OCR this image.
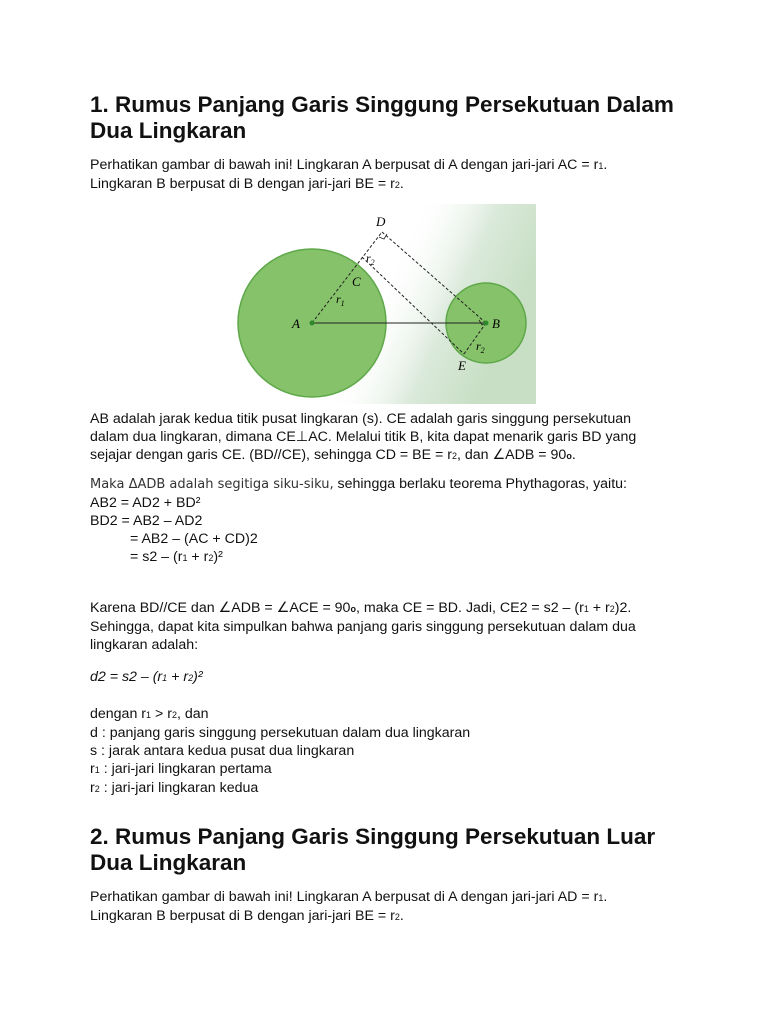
1. Rumus Panjang Garis Singgung Persekutuan Dalam
Dua Lingkaran

Perhatikan gambar di bawah ini! Lingkaran A berpusat di A dengan jari-jari AC = r1.

Lingkaran B berpusat di B dengan jari-jari BE = r2.

A	B
C
D
E
$r_1$
$r_2$
$r_2$

AB adalah jarak kedua titik pusat lingkaran (s). CE adalah garis singgung persekutuan

dalam dua lingkaran, dimana CE⊥AC. Melalui titik B, kita dapat menarik garis BD yang

sejajar dengan garis CE. (BD//CE), sehingga CD = BE = r2, dan ∠ADB = 90o.

Maka ΔADB adalah segitiga siku-siku, sehingga berlaku teorema Phythagoras, yaitu:

AB2 = AD2 + BD²

BD2 = AB2 – AD2

= AB2 – (AC + CD)2

= s2 – (r1 + r2)²

Karena BD//CE dan ∠ADB = ∠ACE = 90o, maka CE = BD. Jadi, CE2 = s2 – (r1 + r2)2.

Sehingga, dapat kita simpulkan bahwa panjang garis singgung persekutuan dalam dua

lingkaran adalah:

d2 = s2 – (r1 + r2)²

dengan r1 > r2, dan

d : panjang garis singgung persekutuan dalam dua lingkaran

s : jarak antara kedua pusat dua lingkaran

r1 : jari-jari lingkaran pertama

r2 : jari-jari lingkaran kedua

2. Rumus Panjang Garis Singgung Persekutuan Luar
Dua Lingkaran

Perhatikan gambar di bawah ini! Lingkaran A berpusat di A dengan jari-jari AD = r1.

Lingkaran B berpusat di B dengan jari-jari BE = r2.
